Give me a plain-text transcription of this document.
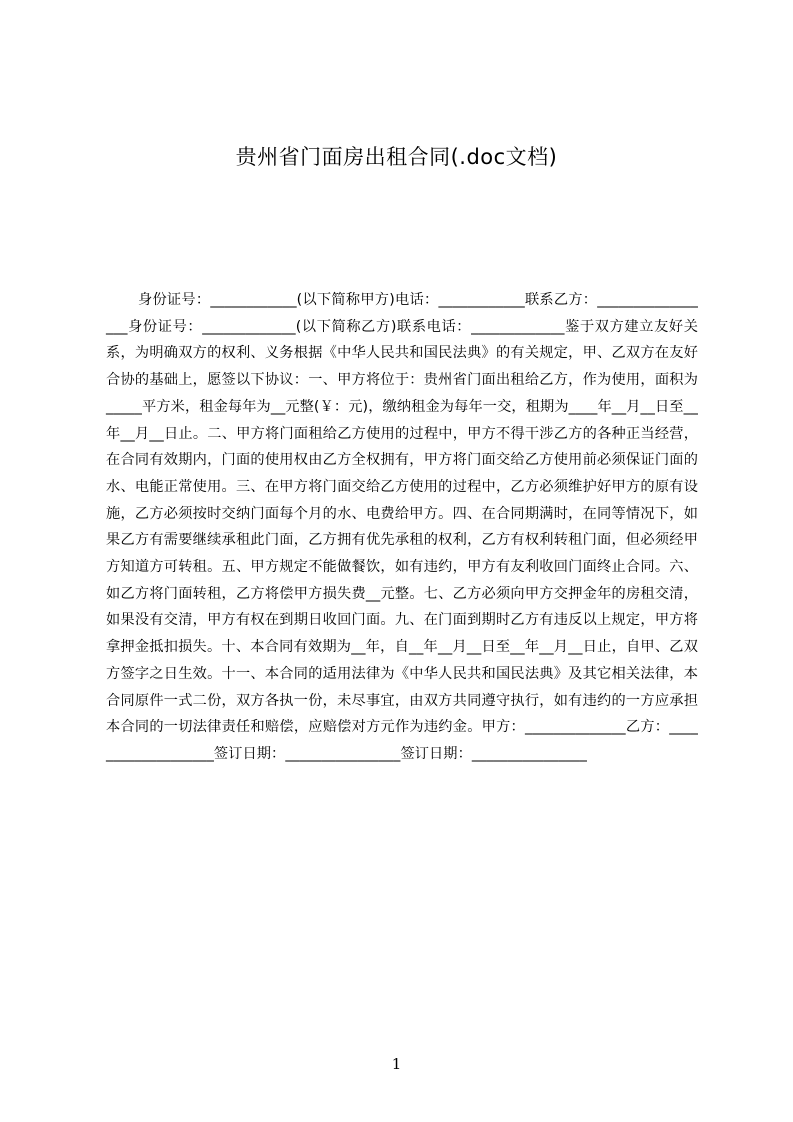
贵州省门面房出租合同(.doc文档)

身份证号：____________(以下简称甲方)电话：____________联系乙方：_________________身份证号：_____________(以下简称乙方)联系电话：_____________鉴于双方建立友好关系，为明确双方的权利、义务根据《中华人民共和国民法典》的有关规定，甲、乙双方在友好合协的基础上，愿签以下协议：一、甲方将位于：贵州省门面出租给乙方，作为使用，面积为_____平方米，租金每年为__元整(￥：元)，缴纳租金为每年一交，租期为____年__月__日至__年__月__日止。二、甲方将门面租给乙方使用的过程中，甲方不得干涉乙方的各种正当经营，在合同有效期内，门面的使用权由乙方全权拥有，甲方将门面交给乙方使用前必须保证门面的水、电能正常使用。三、在甲方将门面交给乙方使用的过程中，乙方必须维护好甲方的原有设施，乙方必须按时交纳门面每个月的水、电费给甲方。四、在合同期满时，在同等情况下，如果乙方有需要继续承租此门面，乙方拥有优先承租的权利，乙方有权利转租门面，但必须经甲方知道方可转租。五、甲方规定不能做餐饮，如有违约，甲方有友利收回门面终止合同。六、如乙方将门面转租，乙方将偿甲方损失费__元整。七、乙方必须向甲方交押金年的房租交清，如果没有交清，甲方有权在到期日收回门面。九、在门面到期时乙方有违反以上规定，甲方将拿押金抵扣损失。十、本合同有效期为__年，自__年__月__日至__年__月__日止，自甲、乙双方签字之日生效。十一、本合同的适用法律为《中华人民共和国民法典》及其它相关法律，本合同原件一式二份，双方各执一份，未尽事宜，由双方共同遵守执行，如有违约的一方应承担本合同的一切法律责任和赔偿，应赔偿对方元作为违约金。甲方：______________乙方：___________________签订日期：________________签订日期：________________

1
